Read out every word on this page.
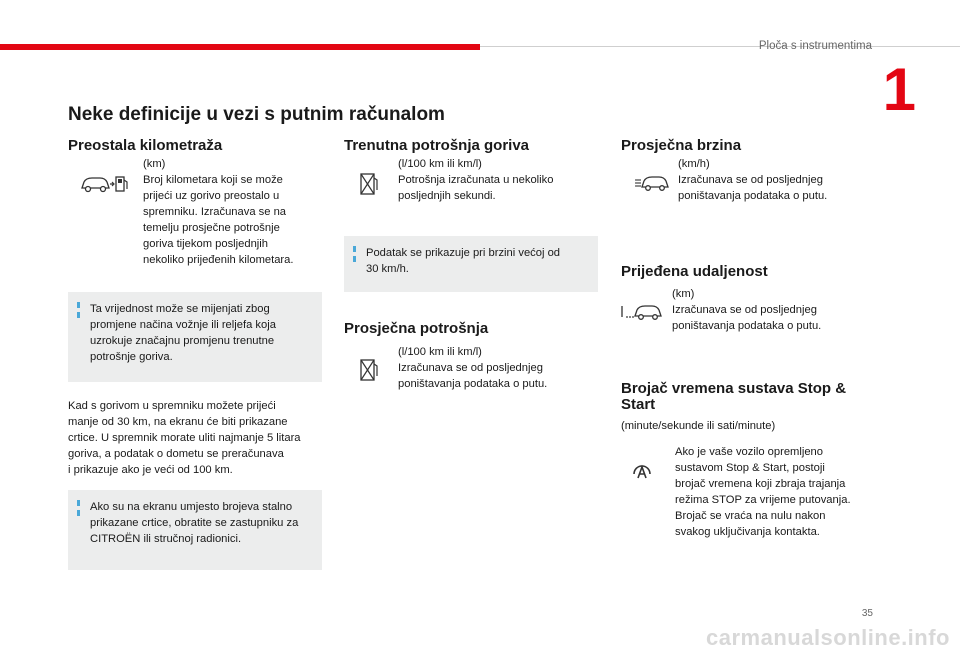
Ploča s instrumentima
1
Neke definicije u vezi s putnim računalom
Preostala kilometraža
(km)
Broj kilometara koji se može
prijeći uz gorivo preostalo u
spremniku. Izračunava se na
temelju prosječne potrošnje
goriva tijekom posljednjih
nekoliko prijeđenih kilometara.
Ta vrijednost može se mijenjati zbog
promjene načina vožnje ili reljefa koja
uzrokuje značajnu promjenu trenutne
potrošnje goriva.
Kad s gorivom u spremniku možete prijeći
manje od 30 km, na ekranu će biti prikazane
crtice. U spremnik morate uliti najmanje 5 litara
goriva, a podatak o dometu se preračunava
i prikazuje ako je veći od 100 km.
Ako su na ekranu umjesto brojeva stalno
prikazane crtice, obratite se zastupniku za
CITROËN ili stručnoj radionici.
Trenutna potrošnja goriva
(l/100 km ili km/l)
Potrošnja izračunata u nekoliko
posljednjih sekundi.
Podatak se prikazuje pri brzini većoj od
30 km/h.
Prosječna potrošnja
(l/100 km ili km/l)
Izračunava se od posljednjeg
poništavanja podataka o putu.
Prosječna brzina
(km/h)
Izračunava se od posljednjeg
poništavanja podataka o putu.
Prijeđena udaljenost
(km)
Izračunava se od posljednjeg
poništavanja podataka o putu.
Brojač vremena sustava Stop &
Start
(minute/sekunde ili sati/minute)
Ako je vaše vozilo opremljeno
sustavom Stop & Start, postoji
brojač vremena koji zbraja trajanja
režima STOP za vrijeme putovanja.
Brojač se vraća na nulu nakon
svakog uključivanja kontakta.
35
carmanualsonline.info
